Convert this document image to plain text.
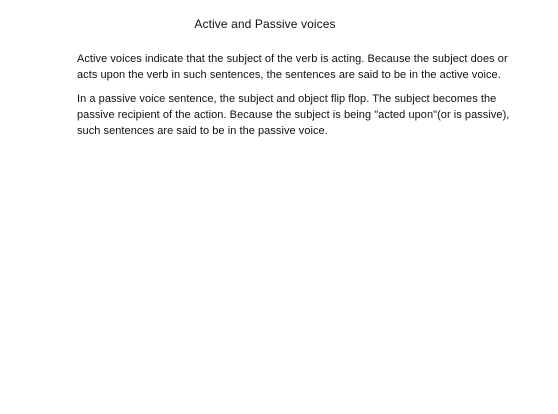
Active and Passive voices

Active voices indicate that the subject of the verb is acting. Because the subject does or acts upon the verb in such sentences, the sentences are said to be in the active voice.

In a passive voice sentence, the subject and object flip flop. The subject becomes the passive recipient of the action. Because the subject is being "acted upon"(or is passive), such sentences are said to be in the passive voice.
